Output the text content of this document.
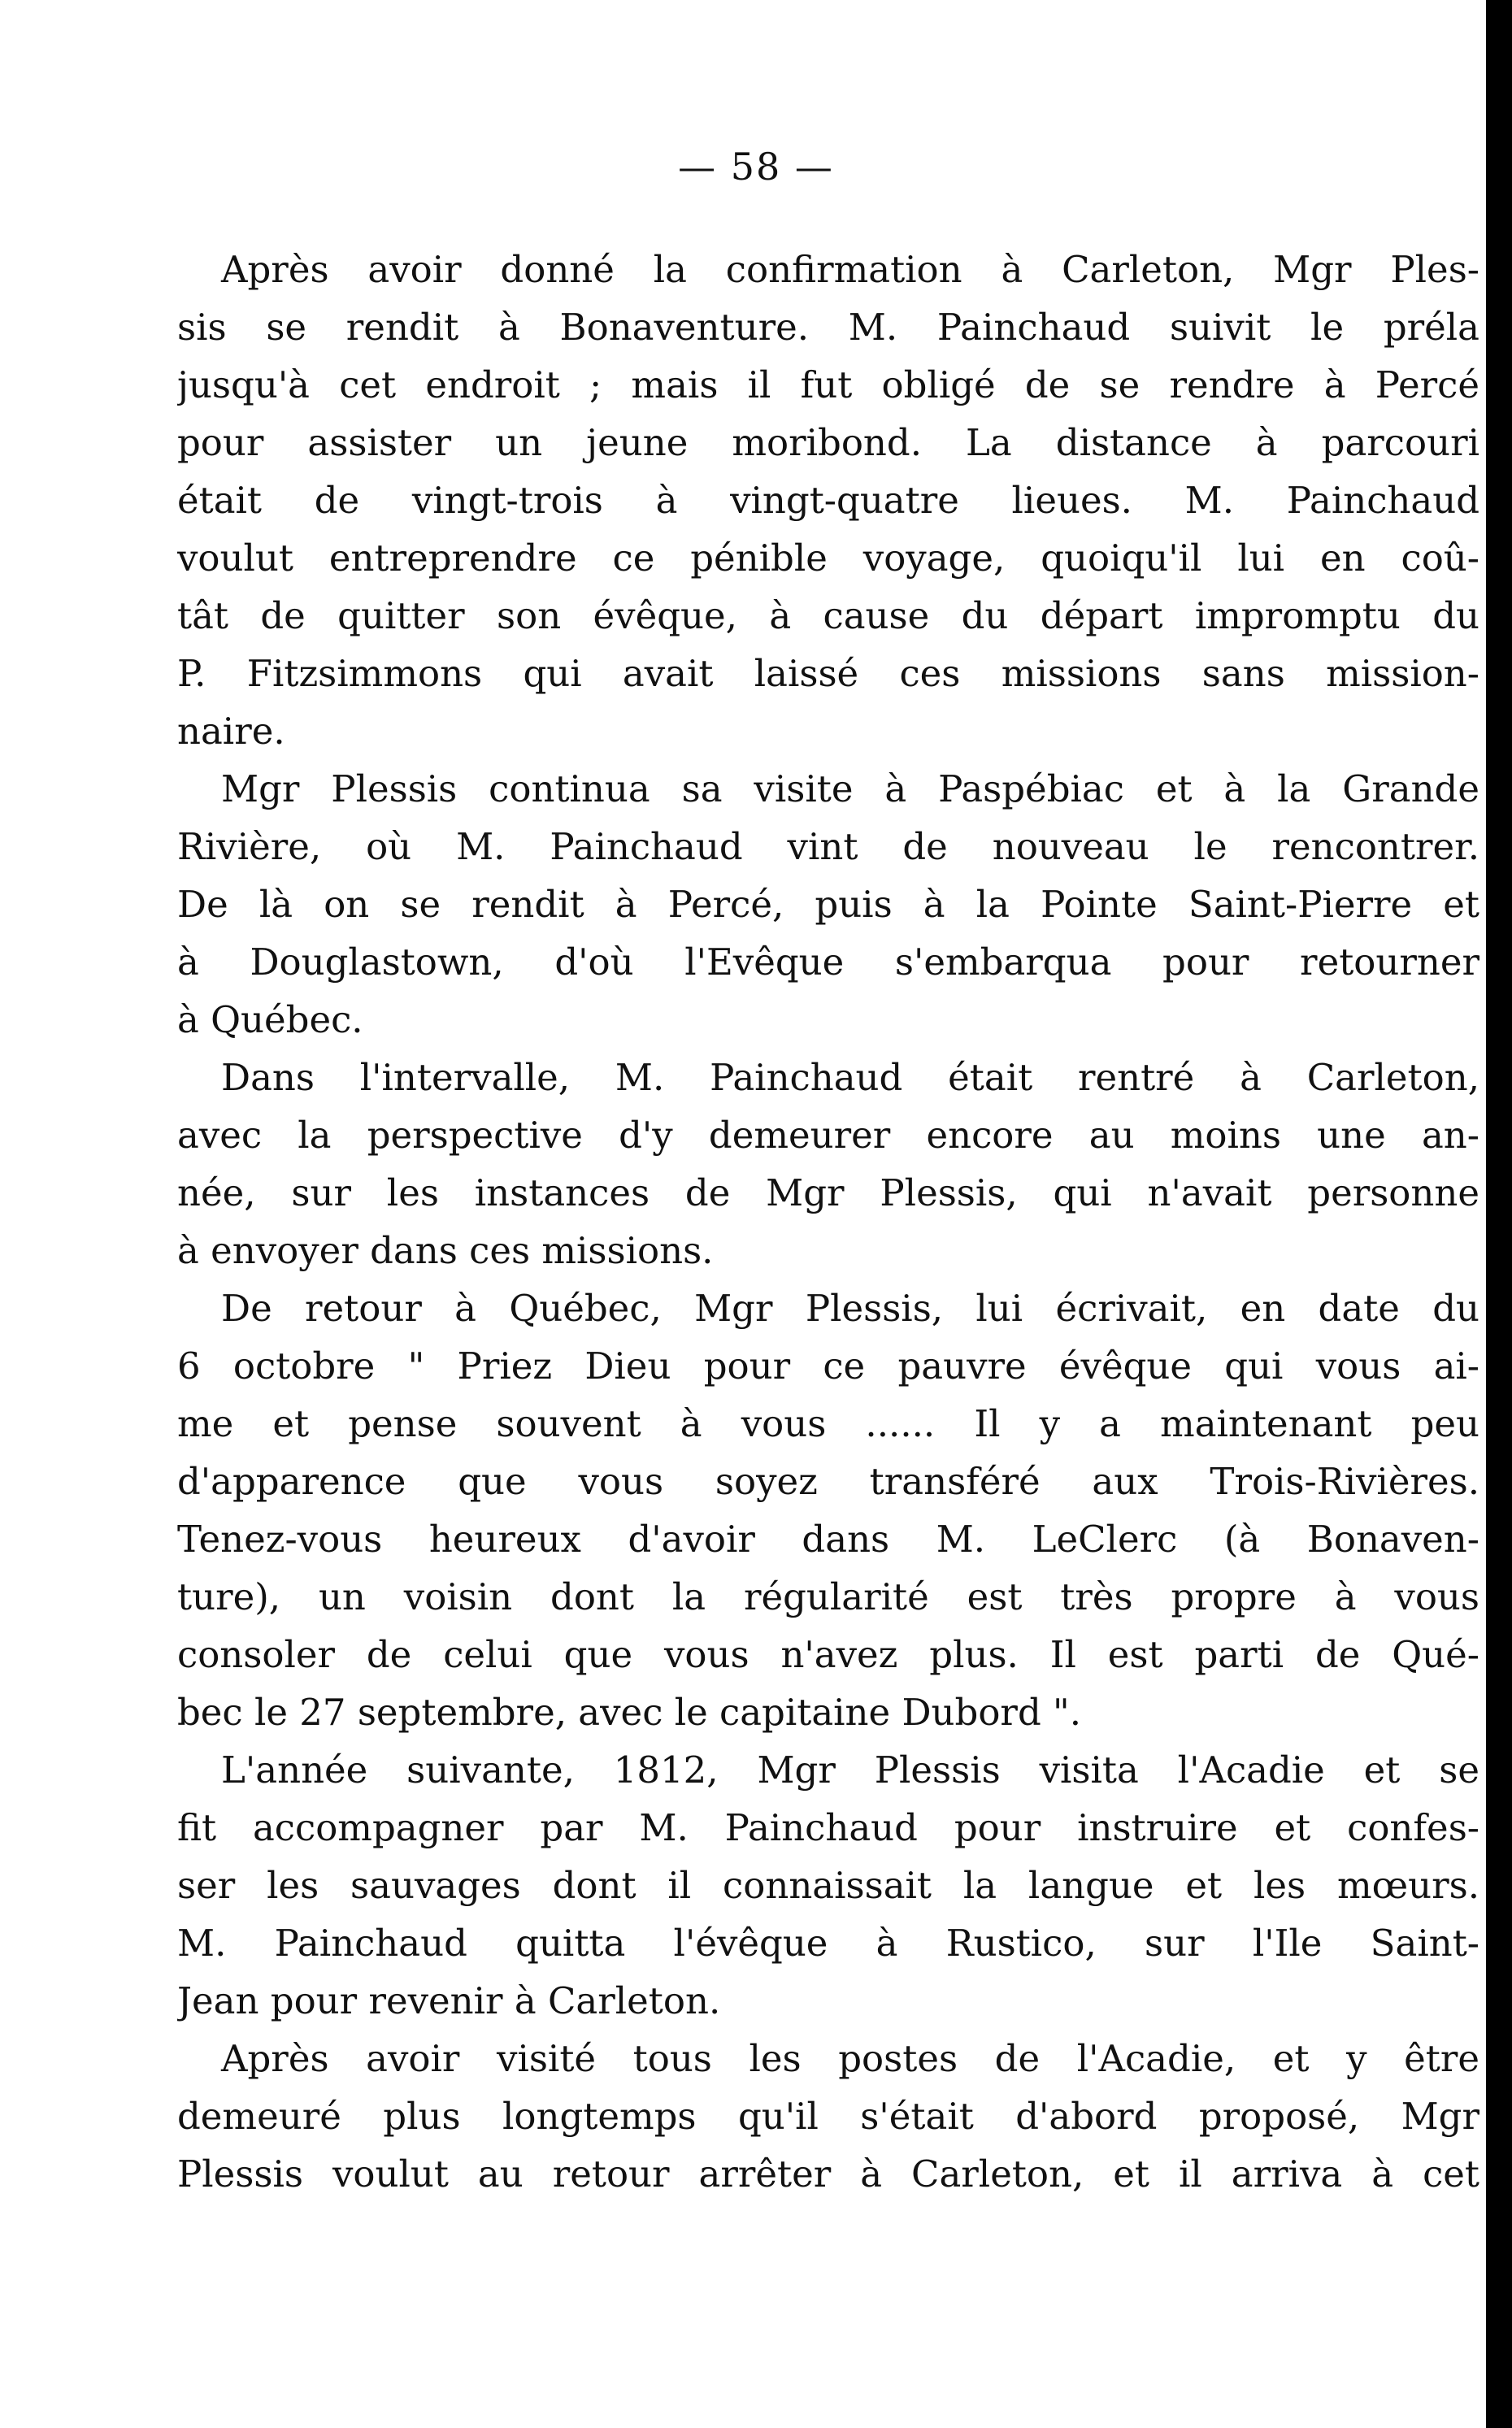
— 58 —
Après avoir donné la confirmation à Carleton, Mgr Ples-
sis se rendit à Bonaventure. M. Painchaud suivit le préla
jusqu'à cet endroit ; mais il fut obligé de se rendre à Percé
pour assister un jeune moribond. La distance à parcouri
était de vingt-trois à vingt-quatre lieues. M. Painchaud
voulut entreprendre ce pénible voyage, quoiqu'il lui en coû-
tât de quitter son évêque, à cause du départ impromptu du
P. Fitzsimmons qui avait laissé ces missions sans mission-
naire.
Mgr Plessis continua sa visite à Paspébiac et à la Grande
Rivière, où M. Painchaud vint de nouveau le rencontrer.
De là on se rendit à Percé, puis à la Pointe Saint-Pierre et
à Douglastown, d'où l'Evêque s'embarqua pour retourner
à Québec.
Dans l'intervalle, M. Painchaud était rentré à Carleton,
avec la perspective d'y demeurer encore au moins une an-
née, sur les instances de Mgr Plessis, qui n'avait personne
à envoyer dans ces missions.
De retour à Québec, Mgr Plessis, lui écrivait, en date du
6 octobre " Priez Dieu pour ce pauvre évêque qui vous ai-
me et pense souvent à vous ...... Il y a maintenant peu
d'apparence que vous soyez transféré aux Trois-Rivières.
Tenez-vous heureux d'avoir dans M. LeClerc (à Bonaven-
ture), un voisin dont la régularité est très propre à vous
consoler de celui que vous n'avez plus. Il est parti de Qué-
bec le 27 septembre, avec le capitaine Dubord ".
L'année suivante, 1812, Mgr Plessis visita l'Acadie et se
fit accompagner par M. Painchaud pour instruire et confes-
ser les sauvages dont il connaissait la langue et les mœurs.
M. Painchaud quitta l'évêque à Rustico, sur l'Ile Saint-
Jean pour revenir à Carleton.
Après avoir visité tous les postes de l'Acadie, et y être
demeuré plus longtemps qu'il s'était d'abord proposé, Mgr
Plessis voulut au retour arrêter à Carleton, et il arriva à cet
